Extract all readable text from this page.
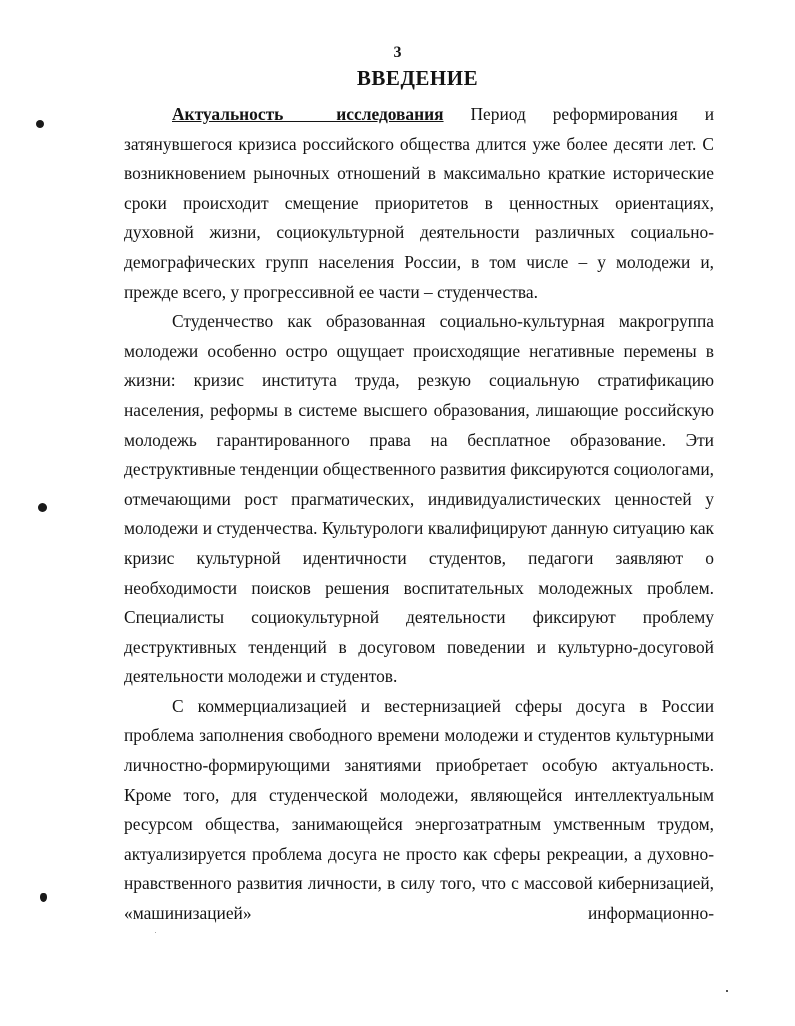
3
ВВЕДЕНИЕ

Актуальность исследования Период реформирования и затянувшегося кризиса российского общества длится уже более десяти лет. С возникновением рыночных отношений в максимально краткие исторические сроки происходит смещение приоритетов в ценностных ориентациях, духовной жизни, социокультурной деятельности различных социально-демографических групп населения России, в том числе – у молодежи и, прежде всего, у прогрессивной ее части – студенчества.

Студенчество как образованная социально-культурная макрогруппа молодежи особенно остро ощущает происходящие негативные перемены в жизни: кризис института труда, резкую социальную стратификацию населения, реформы в системе высшего образования, лишающие российскую молодежь гарантированного права на бесплатное образование. Эти деструктивные тенденции общественного развития фиксируются социологами, отмечающими рост прагматических, индивидуалистических ценностей у молодежи и студенчества. Культурологи квалифицируют данную ситуацию как кризис культурной идентичности студентов, педагоги заявляют о необходимости поисков решения воспитательных молодежных проблем. Специалисты социокультурной деятельности фиксируют проблему деструктивных тенденций в досуговом поведении и культурно-досуговой деятельности молодежи и студентов.

С коммерциализацией и вестернизацией сферы досуга в России проблема заполнения свободного времени молодежи и студентов культурными личностно-формирующими занятиями приобретает особую актуальность. Кроме того, для студенческой молодежи, являющейся интеллектуальным ресурсом общества, занимающейся энергозатратным умственным трудом, актуализируется проблема досуга не просто как сферы рекреации, а духовно-нравственного развития личности, в силу того, что с массовой кибернизацией, «машинизацией» информационно-
